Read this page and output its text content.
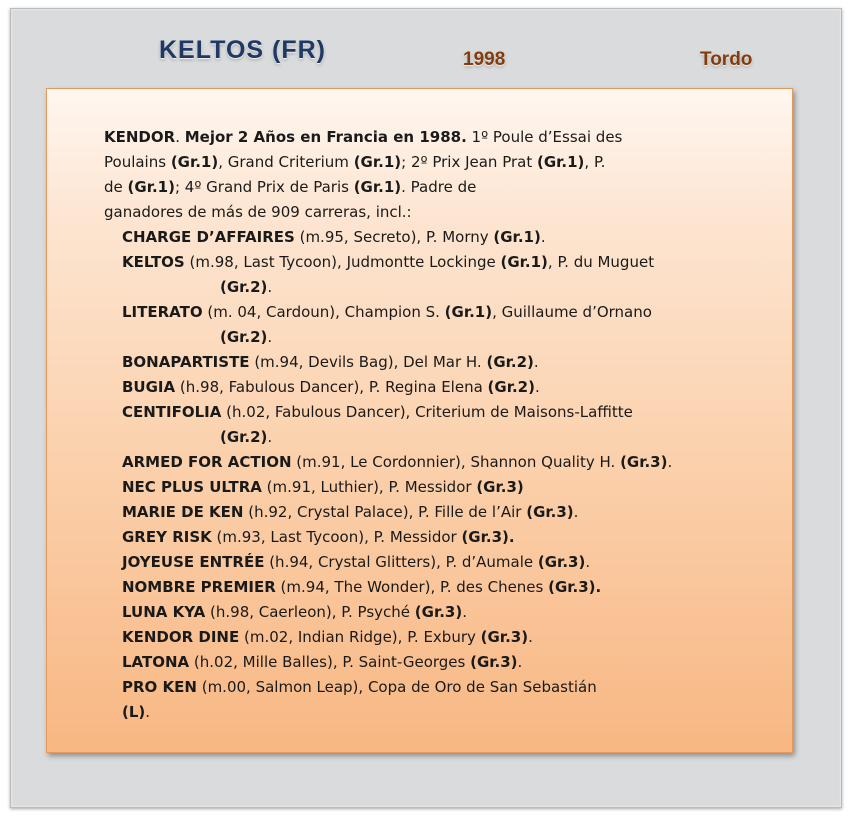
KELTOS (FR)	1998	Tordo
KENDOR. Mejor 2 Años en Francia en 1988. 1º Poule d’Essai des
Poulains (Gr.1), Grand Criterium (Gr.1); 2º Prix Jean Prat (Gr.1), P.
de (Gr.1); 4º Grand Prix de Paris (Gr.1). Padre de
ganadores de más de 909 carreras, incl.:
CHARGE D’AFFAIRES (m.95, Secreto), P. Morny (Gr.1).
KELTOS (m.98, Last Tycoon), Judmontte Lockinge (Gr.1), P. du Muguet
(Gr.2).
LITERATO (m. 04, Cardoun), Champion S. (Gr.1), Guillaume d’Ornano
(Gr.2).
BONAPARTISTE (m.94, Devils Bag), Del Mar H. (Gr.2).
BUGIA (h.98, Fabulous Dancer), P. Regina Elena (Gr.2).
CENTIFOLIA (h.02, Fabulous Dancer), Criterium de Maisons-Laffitte
(Gr.2).
ARMED FOR ACTION (m.91, Le Cordonnier), Shannon Quality H. (Gr.3).
NEC PLUS ULTRA (m.91, Luthier), P. Messidor (Gr.3)
MARIE DE KEN (h.92, Crystal Palace), P. Fille de l’Air (Gr.3).
GREY RISK (m.93, Last Tycoon), P. Messidor (Gr.3).
JOYEUSE ENTRÉE (h.94, Crystal Glitters), P. d’Aumale (Gr.3).
NOMBRE PREMIER (m.94, The Wonder), P. des Chenes (Gr.3).
LUNA KYA (h.98, Caerleon), P. Psyché (Gr.3).
KENDOR DINE (m.02, Indian Ridge), P. Exbury (Gr.3).
LATONA (h.02, Mille Balles), P. Saint-Georges (Gr.3).
PRO KEN (m.00, Salmon Leap), Copa de Oro de San Sebastián
(L).
